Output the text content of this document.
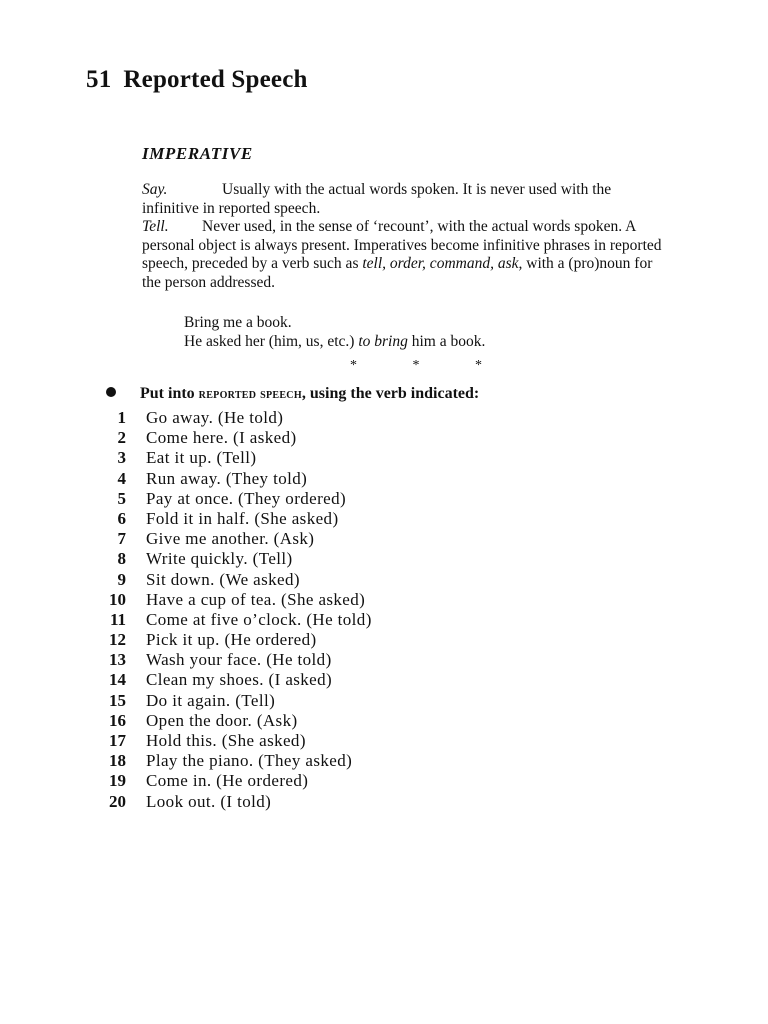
51 Reported Speech
IMPERATIVE
Say.	Usually with the actual words spoken. It is never used with the infinitive in reported speech.
Tell. Never used, in the sense of ‘recount’, with the actual words spoken. A personal object is always present. Imperatives become infinitive phrases in reported speech, preceded by a verb such as tell, order, command, ask, with a (pro)noun for the person addressed.
Bring me a book.
He asked her (him, us, etc.) to bring him a book.
* * *
Put into reported speech, using the verb indicated:
1 Go away. (He told)
2 Come here. (I asked)
3 Eat it up. (Tell)
4 Run away. (They told)
5 Pay at once. (They ordered)
6 Fold it in half. (She asked)
7 Give me another. (Ask)
8 Write quickly. (Tell)
9 Sit down. (We asked)
10 Have a cup of tea. (She asked)
11 Come at five o’clock. (He told)
12 Pick it up. (He ordered)
13 Wash your face. (He told)
14 Clean my shoes. (I asked)
15 Do it again. (Tell)
16 Open the door. (Ask)
17 Hold this. (She asked)
18 Play the piano. (They asked)
19 Come in. (He ordered)
20 Look out. (I told)
